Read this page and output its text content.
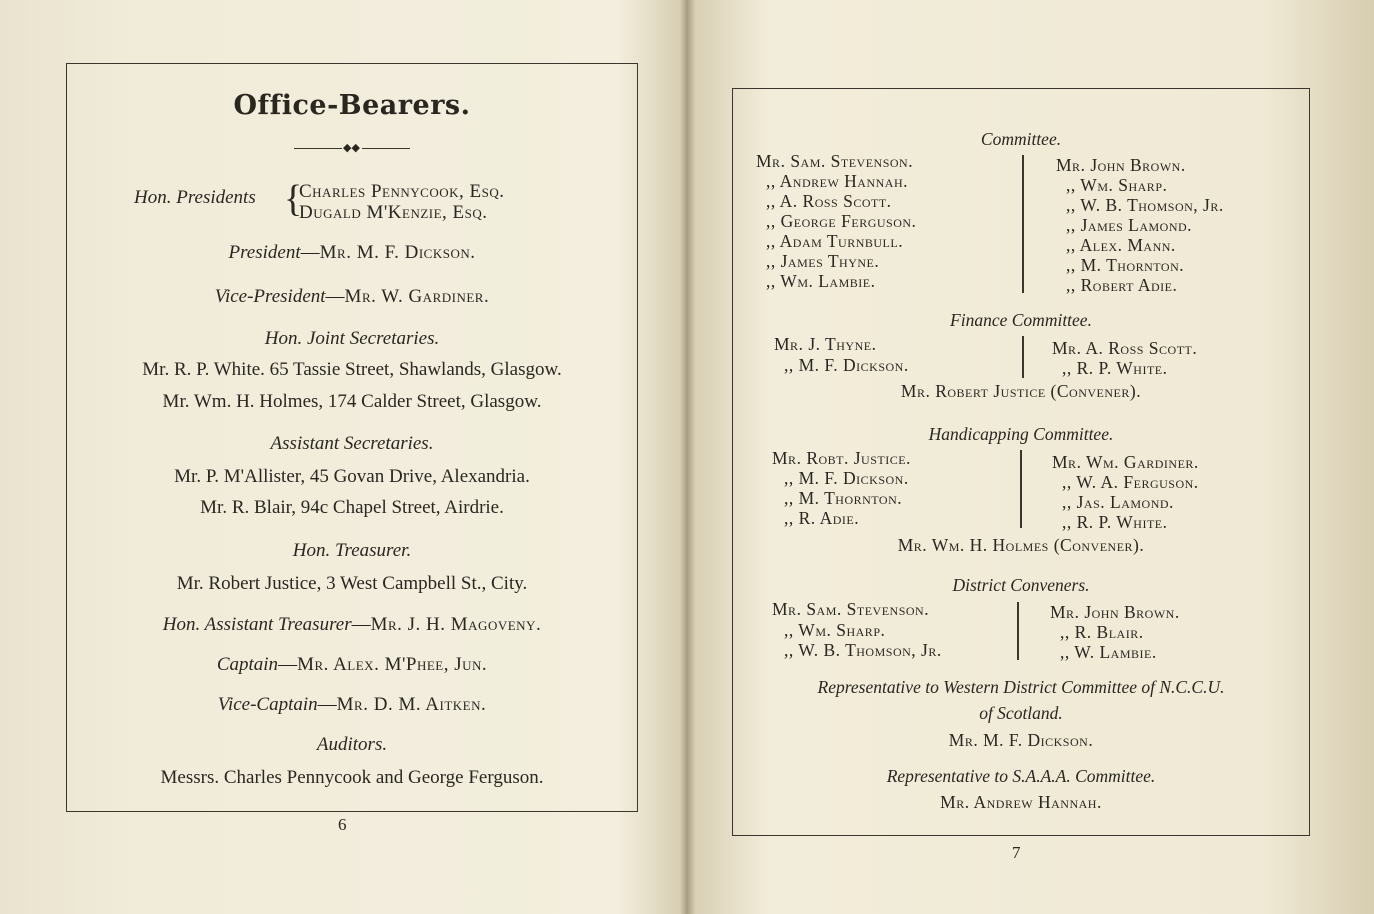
Office-Bearers.
◆◆
Hon. Presidents {
Charles Pennycook, Esq.
Dugald M'Kenzie, Esq.
President—Mr. M. F. Dickson.
Vice-President—Mr. W. Gardiner.
Hon. Joint Secretaries.
Mr. R. P. White. 65 Tassie Street, Shawlands, Glasgow.
Mr. Wm. H. Holmes, 174 Calder Street, Glasgow.
Assistant Secretaries.
Mr. P. M'Allister, 45 Govan Drive, Alexandria.
Mr. R. Blair, 94c Chapel Street, Airdrie.
Hon. Treasurer.
Mr. Robert Justice, 3 West Campbell St., City.
Hon. Assistant Treasurer—Mr. J. H. Magoveny.
Captain—Mr. Alex. M'Phee, Jun.
Vice-Captain—Mr. D. M. Aitken.
Auditors.
Messrs. Charles Pennycook and George Ferguson.
6
Committee.
Mr. Sam. Stevenson.
,, Andrew Hannah.
,, A. Ross Scott.
,, George Ferguson.
,, Adam Turnbull.
,, James Thyne.
,, Wm. Lambie.
Mr. John Brown.
,, Wm. Sharp.
,, W. B. Thomson, Jr.
,, James Lamond.
,, Alex. Mann.
,, M. Thornton.
,, Robert Adie.
Finance Committee.
Mr. J. Thyne.
,, M. F. Dickson.
Mr. A. Ross Scott.
,, R. P. White.
Mr. Robert Justice (Convener).
Handicapping Committee.
Mr. Robt. Justice.
,, M. F. Dickson.
,, M. Thornton.
,, R. Adie.
Mr. Wm. Gardiner.
,, W. A. Ferguson.
,, Jas. Lamond.
,, R. P. White.
Mr. Wm. H. Holmes (Convener).
District Conveners.
Mr. Sam. Stevenson.
,, Wm. Sharp.
,, W. B. Thomson, Jr.
Mr. John Brown.
,, R. Blair.
,, W. Lambie.
Representative to Western District Committee of N.C.C.U.
of Scotland.
Mr. M. F. Dickson.
Representative to S.A.A.A. Committee.
Mr. Andrew Hannah.
7
